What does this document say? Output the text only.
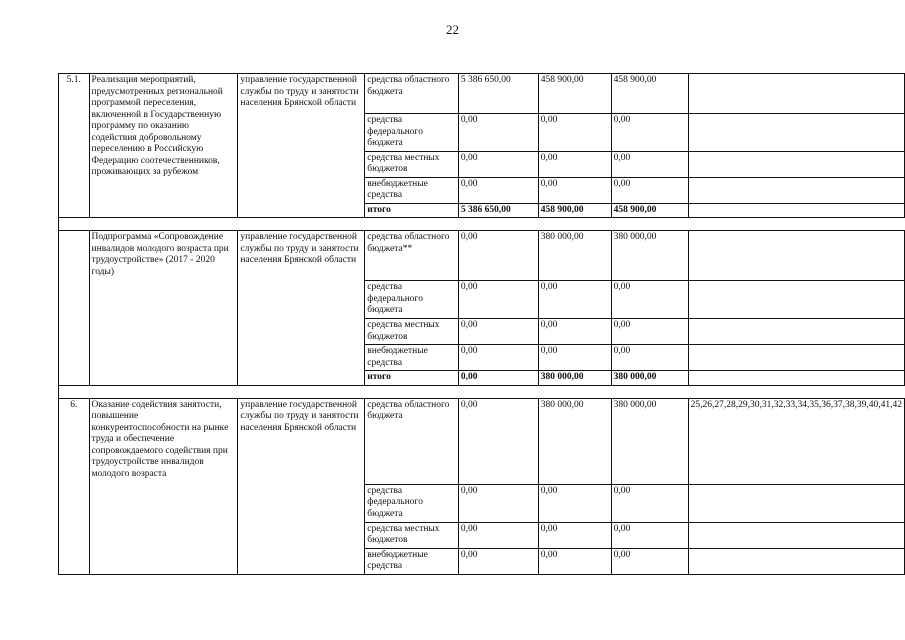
22
5.1.	Реализация мероприятий, предусмотренных региональной программой переселения, включенной в Государственную программу по оказанию содействия добровольному переселению в Российскую Федерацию соотечественников, проживающих за рубежом	управление государственной службы по труду и занятости населения Брянской области	средства областного бюджета	5 386 650,00	458 900,00	458 900,00	
			средства федерального бюджета	0,00	0,00	0,00	
			средства местных бюджетов	0,00	0,00	0,00	
			внебюджетные средства	0,00	0,00	0,00	
			итого	5 386 650,00	458 900,00	458 900,00	

	Подпрограмма «Сопровождение инвалидов молодого возраста при трудоустройстве» (2017 - 2020 годы)	управление государственной службы по труду и занятости населения Брянской области	средства областного бюджета**	0,00	380 000,00	380 000,00	
			средства федерального бюджета	0,00	0,00	0,00	
			средства местных бюджетов	0,00	0,00	0,00	
			внебюджетные средства	0,00	0,00	0,00	
			итого	0,00	380 000,00	380 000,00	

6.	Оказание содействия занятости, повышение конкурентоспособности на рынке труда и обеспечение сопровождаемого содействия при трудоустройстве инвалидов молодого возраста	управление государственной службы по труду и занятости населения Брянской области	средства областного бюджета	0,00	380 000,00	380 000,00	25,26,27,28,29,30,31,32,33,34,35,36,37,38,39,40,41,42
			средства федерального бюджета	0,00	0,00	0,00	
			средства местных бюджетов	0,00	0,00	0,00	
			внебюджетные средства	0,00	0,00	0,00	
